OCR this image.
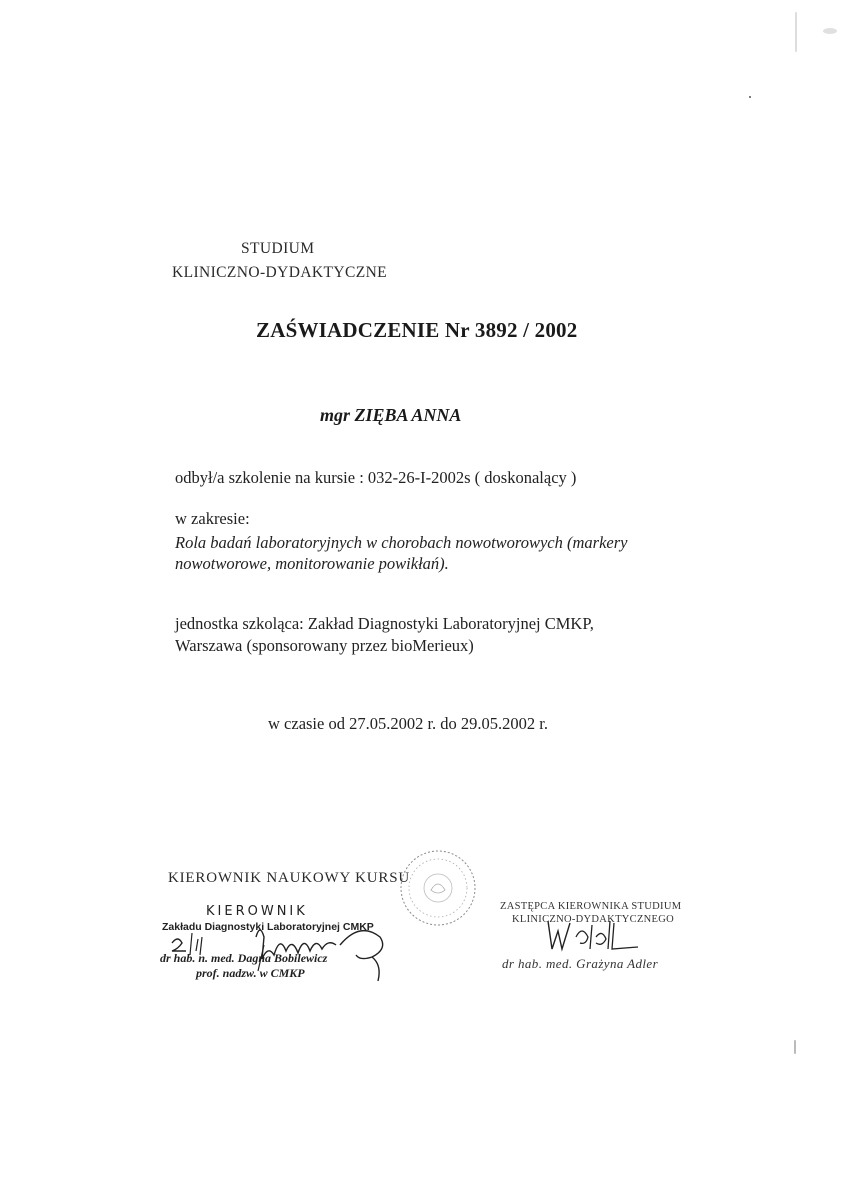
STUDIUM
KLINICZNO-DYDAKTYCZNE
ZAŚWIADCZENIE Nr 3892 / 2002
mgr ZIĘBA ANNA
odbył/a szkolenie na kursie : 032-26-I-2002s ( doskonalący )
w zakresie:
Rola badań laboratoryjnych w chorobach nowotworowych (markery
nowotworowe, monitorowanie powikłań).
jednostka szkoląca: Zakład Diagnostyki Laboratoryjnej CMKP,
Warszawa (sponsorowany przez bioMerieux)
w czasie od 27.05.2002 r. do 29.05.2002 r.
KIEROWNIK NAUKOWY KURSU
KIEROWNIK
Zakładu Diagnostyki Laboratoryjnej CMKP
dr hab. n. med. Dagna Bobilewicz
prof. nadzw. w CMKP
ZASTĘPCA KIEROWNIKA STUDIUM
KLINICZNO-DYDAKTYCZNEGO
dr hab. med. Grażyna Adler
